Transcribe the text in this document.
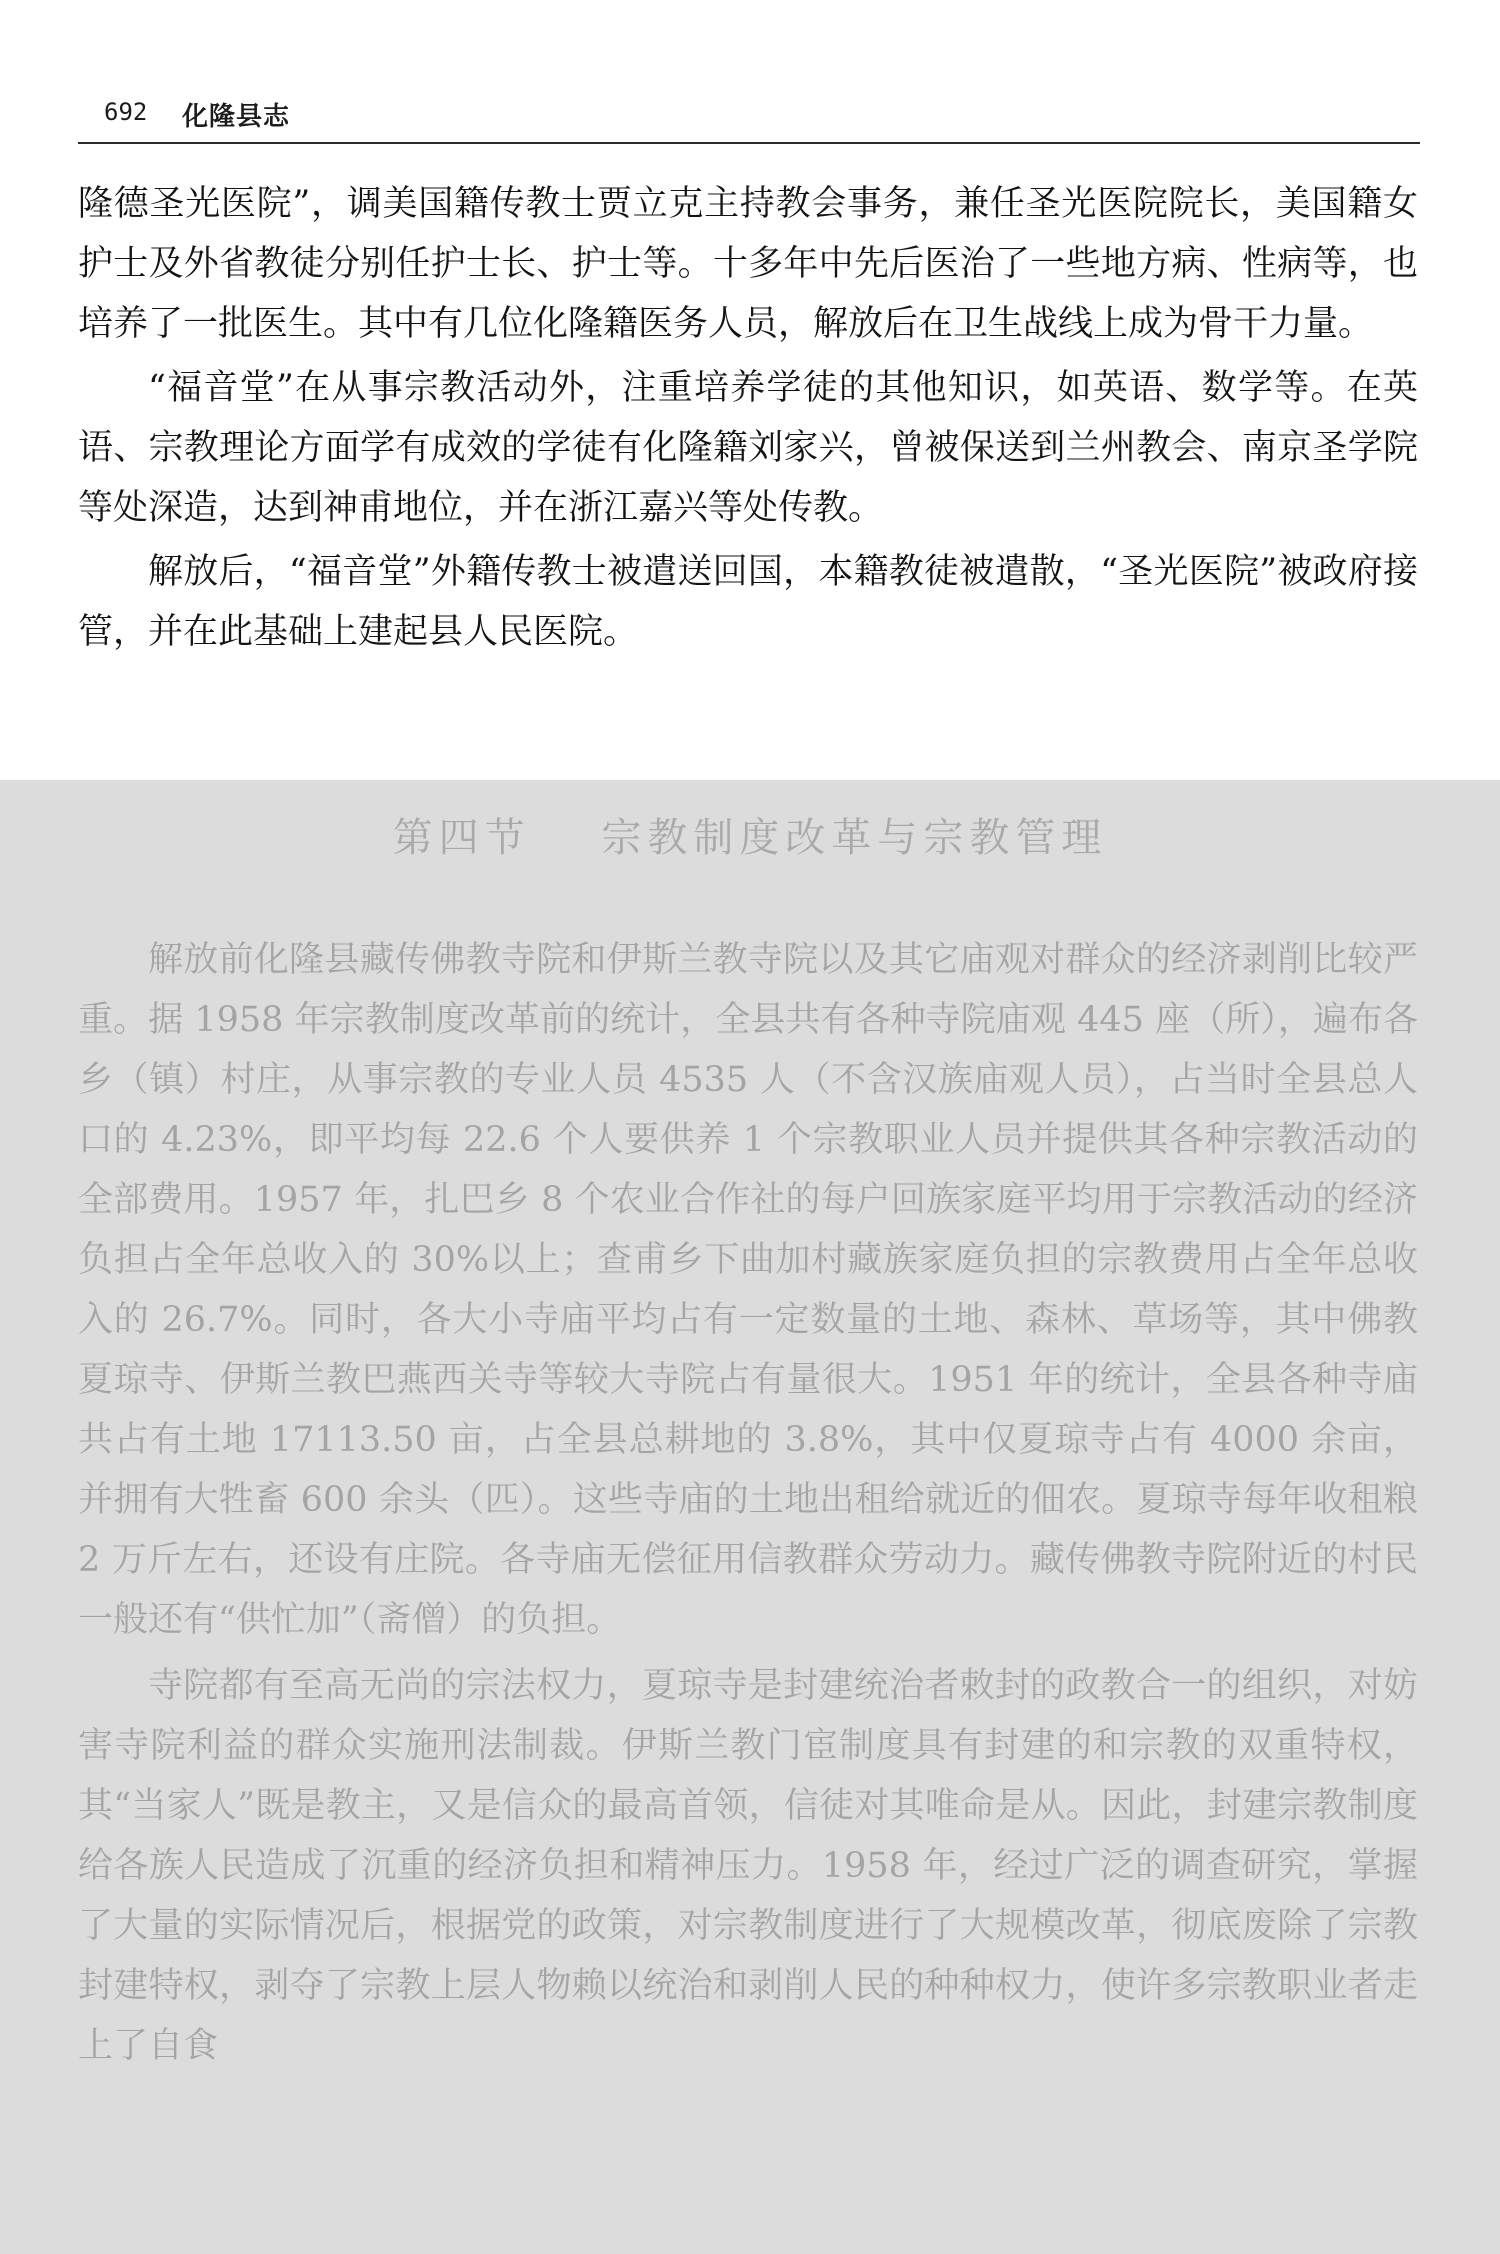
692 化隆县志

隆德圣光医院”，调美国籍传教士贾立克主持教会事务，兼任圣光医院院长，美国籍女护士及外省教徒分别任护士长、护士等。十多年中先后医治了一些地方病、性病等，也培养了一批医生。其中有几位化隆籍医务人员，解放后在卫生战线上成为骨干力量。

“福音堂”在从事宗教活动外，注重培养学徒的其他知识，如英语、数学等。在英语、宗教理论方面学有成效的学徒有化隆籍刘家兴，曾被保送到兰州教会、南京圣学院等处深造，达到神甫地位，并在浙江嘉兴等处传教。

解放后，“福音堂”外籍传教士被遣送回国，本籍教徒被遣散，“圣光医院”被政府接管，并在此基础上建起县人民医院。

第四节 宗教制度改革与宗教管理

解放前化隆县藏传佛教寺院和伊斯兰教寺院以及其它庙观对群众的经济剥削比较严重。据 1958 年宗教制度改革前的统计，全县共有各种寺院庙观 445 座（所），遍布各乡（镇）村庄，从事宗教的专业人员 4535 人（不含汉族庙观人员），占当时全县总人口的 4.23%，即平均每 22.6 个人要供养 1 个宗教职业人员并提供其各种宗教活动的全部费用。1957 年，扎巴乡 8 个农业合作社的每户回族家庭平均用于宗教活动的经济负担占全年总收入的 30%以上；查甫乡下曲加村藏族家庭负担的宗教费用占全年总收入的 26.7%。同时，各大小寺庙平均占有一定数量的土地、森林、草场等，其中佛教夏琼寺、伊斯兰教巴燕西关寺等较大寺院占有量很大。1951 年的统计，全县各种寺庙共占有土地 17113.50 亩，占全县总耕地的 3.8%，其中仅夏琼寺占有 4000 余亩，并拥有大牲畜 600 余头（匹）。这些寺庙的土地出租给就近的佃农。夏琼寺每年收租粮 2 万斤左右，还设有庄院。各寺庙无偿征用信教群众劳动力。藏传佛教寺院附近的村民一般还有“供忙加”（斋僧）的负担。

寺院都有至高无尚的宗法权力，夏琼寺是封建统治者敕封的政教合一的组织，对妨害寺院利益的群众实施刑法制裁。伊斯兰教门宦制度具有封建的和宗教的双重特权，其“当家人”既是教主，又是信众的最高首领，信徒对其唯命是从。因此，封建宗教制度给各族人民造成了沉重的经济负担和精神压力。1958 年，经过广泛的调查研究，掌握了大量的实际情况后，根据党的政策，对宗教制度进行了大规模改革，彻底废除了宗教封建特权，剥夺了宗教上层人物赖以统治和剥削人民的种种权力，使许多宗教职业者走上了自食
